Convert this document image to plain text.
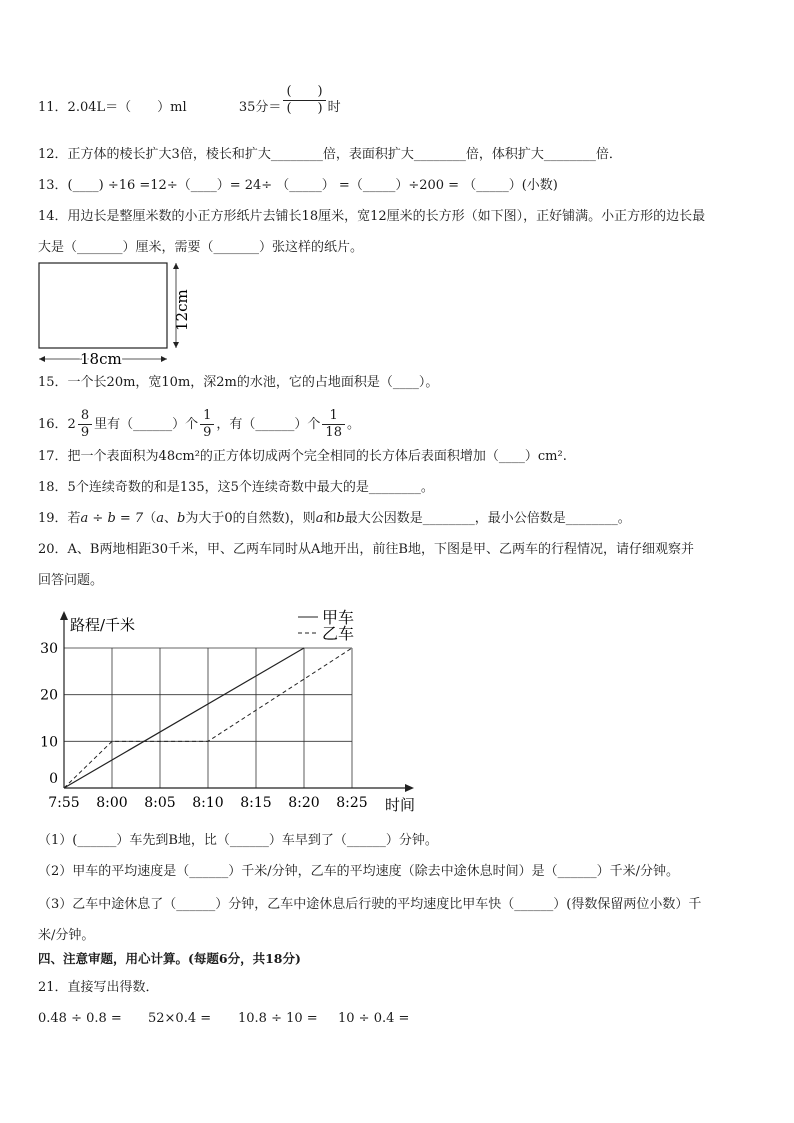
11．2.04L＝（　　）ml	35分＝ $\frac{( )}{( )}$ 时
12．正方体的棱长扩大3倍，棱长和扩大________倍，表面积扩大________倍，体积扩大________倍．
13．(____) ÷16 =12÷（____）= 24÷ （_____） =（_____）÷200 = （_____）(小数)
14．用边长是整厘米数的小正方形纸片去铺长18厘米，宽12厘米的长方形（如下图），正好铺满。小正方形的边长最
大是（_______）厘米，需要（_______）张这样的纸片。
12cm
18cm
15．一个长20m，宽10m，深2m的水池，它的占地面积是（____）。
16．$2 \frac{8}{9}$ 里有（______）个 $\frac{1}{9}$ ，有（______）个 $\frac{1}{18}$ 。
17．把一个表面积为48cm²的正方体切成两个完全相同的长方体后表面积增加（____）cm².
18．5个连续奇数的和是135，这5个连续奇数中最大的是________。
19．若a ÷ b = 7（a、b为大于0的自然数)，则a和b最大公因数是________，最小公倍数是________。
20．A、B两地相距30千米，甲、乙两车同时从A地开出，前往B地，下图是甲、乙两车的行程情况，请仔细观察并
回答问题。
0
10
20
30
7:55 8:00 8:05 8:10 8:15 8:20 8:25
路程/千米
时间
甲车
乙车
（1）(______）车先到B地，比（______）车早到了（______）分钟。
（2）甲车的平均速度是（______）千米/分钟，乙车的平均速度（除去中途休息时间）是（______）千米/分钟。
（3）乙车中途休息了（______）分钟，乙车中途休息后行驶的平均速度比甲车快（______）(得数保留两位小数）千
米/分钟。
四、注意审题，用心计算。(每题6分，共18分)
21．直接写出得数．
0.48 ÷ 0.8 = 52×0.4 = 10.8 ÷ 10 = 10 ÷ 0.4 =
